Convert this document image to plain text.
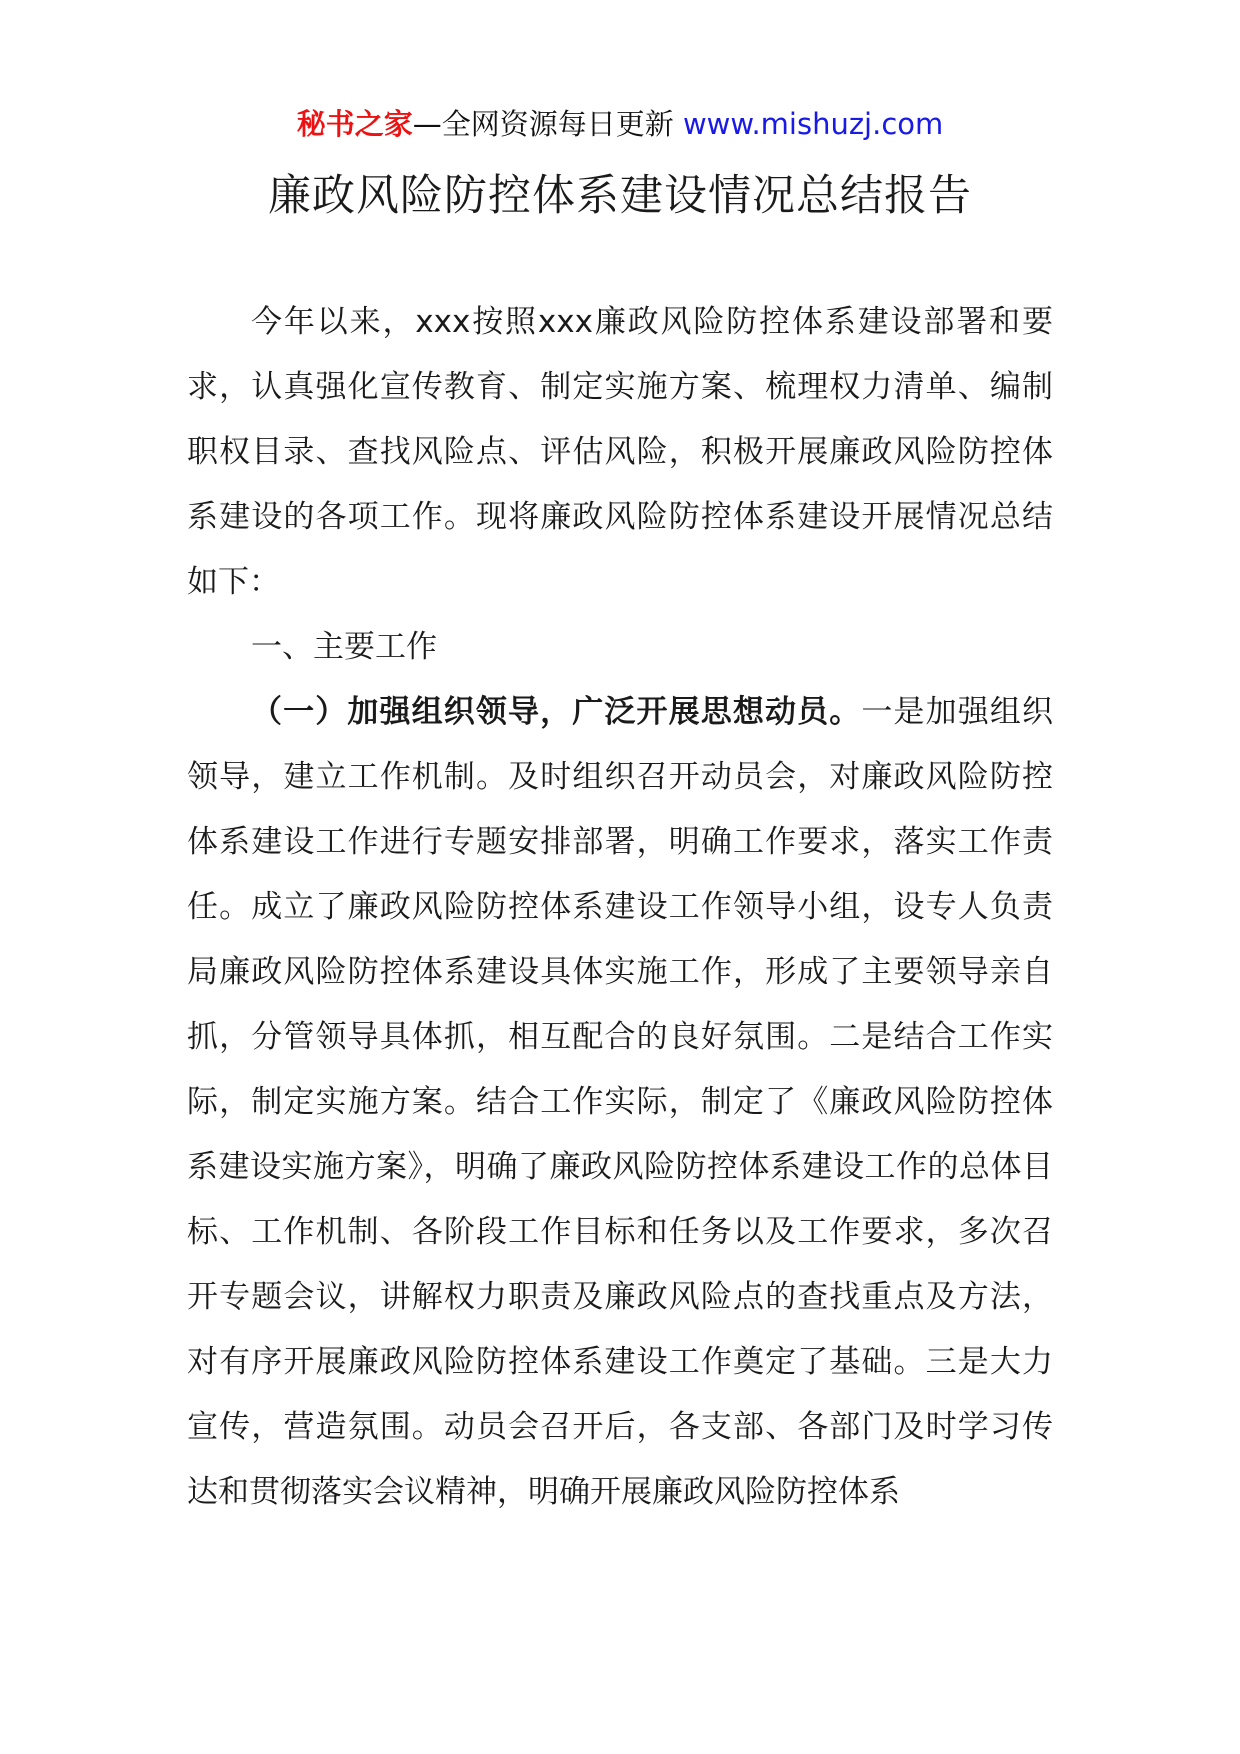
秘书之家—全网资源每日更新 www.mishuzj.com
廉政风险防控体系建设情况总结报告

今年以来，xxx按照xxx廉政风险防控体系建设部署和要求，认真强化宣传教育、制定实施方案、梳理权力清单、编制职权目录、查找风险点、评估风险，积极开展廉政风险防控体系建设的各项工作。现将廉政风险防控体系建设开展情况总结如下：

一、主要工作

（一）加强组织领导，广泛开展思想动员。一是加强组织领导，建立工作机制。及时组织召开动员会，对廉政风险防控体系建设工作进行专题安排部署，明确工作要求，落实工作责任。成立了廉政风险防控体系建设工作领导小组，设专人负责局廉政风险防控体系建设具体实施工作，形成了主要领导亲自抓，分管领导具体抓，相互配合的良好氛围。二是结合工作实际，制定实施方案。结合工作实际，制定了《廉政风险防控体系建设实施方案》，明确了廉政风险防控体系建设工作的总体目标、工作机制、各阶段工作目标和任务以及工作要求，多次召开专题会议，讲解权力职责及廉政风险点的查找重点及方法，对有序开展廉政风险防控体系建设工作奠定了基础。三是大力宣传，营造氛围。动员会召开后，各支部、各部门及时学习传达和贯彻落实会议精神，明确开展廉政风险防控体系
